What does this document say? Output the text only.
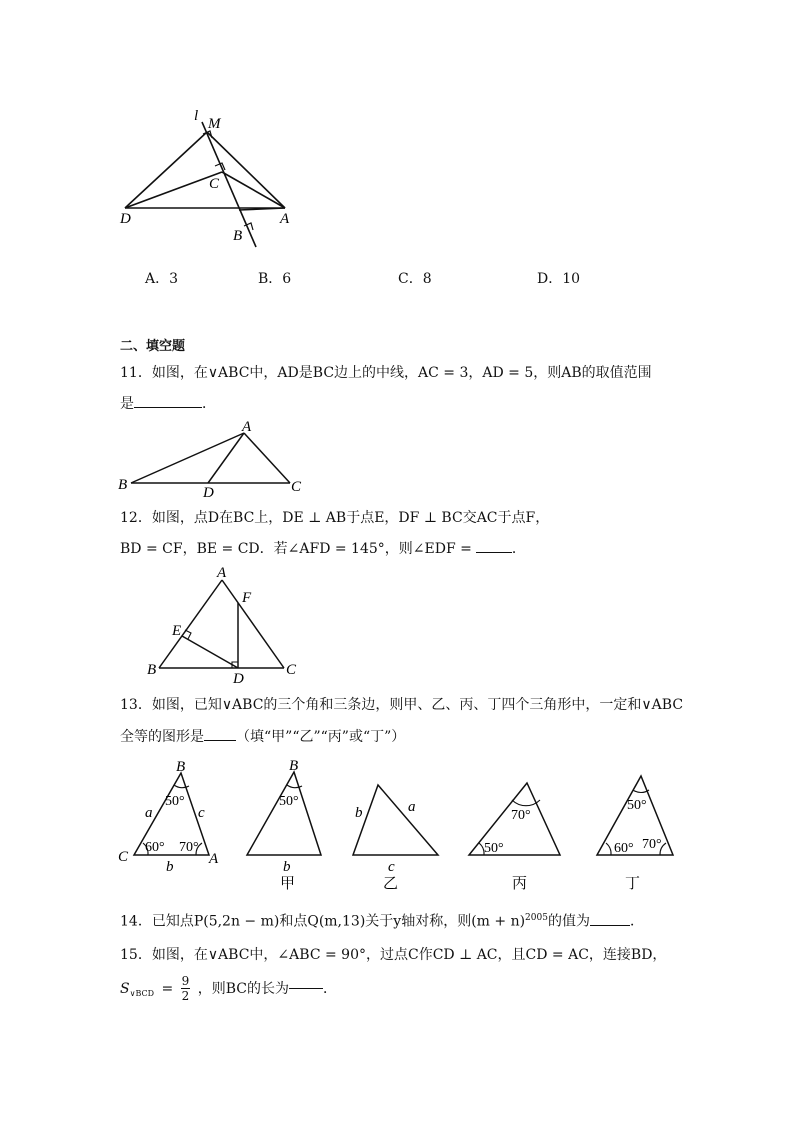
l M
C
D	A
B
A．3	B．6	C．8	D．10
二、填空题
11．如图，在∨ABC中，AD是BC边上的中线，AC = 3，AD = 5，则AB的取值范围
是	．
A
B	C
D
12．如图，点D在BC上，DE ⊥ AB于点E，DF ⊥ BC交AC于点F，
BD = CF，BE = CD．若∠AFD = 145°，则∠EDF =	．
A
F
E
B
D
C
13．如图，已知∨ABC的三个角和三条边，则甲、乙、丙、丁四个三角形中，一定和∨ABC
全等的图形是 （填“甲”“乙”“丙”或“丁”）
B
C	A
a	c
b
50°
60° 70°
B
50°
b
甲
a
b
c
乙
70°
50°
丙
50°
60° 70°
丁
14．已知点P(5,2n − m)和点Q(m,13)关于y轴对称，则$(m + n)^{2005}$的值为	．
15．如图，在∨ABC中，∠ABC = 90°，过点C作CD ⊥ AC，且CD = AC，连接BD，
S∨BCD = $\frac{9}{2}$ ，则BC的长为 ．
